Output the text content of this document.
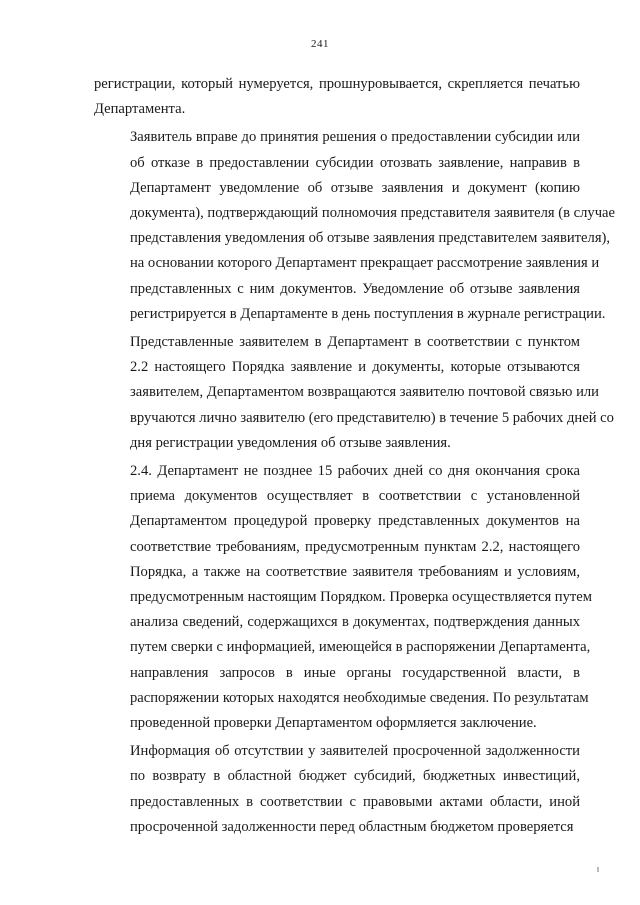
241
регистрации, который нумеруется, прошнуровывается, скрепляется печатью
Департамента.
Заявитель вправе до принятия решения о предоставлении субсидии или
об отказе в предоставлении субсидии отозвать заявление, направив в
Департамент уведомление об отзыве заявления и документ (копию
документа), подтверждающий полномочия представителя заявителя (в случае
представления уведомления об отзыве заявления представителем заявителя),
на основании которого Департамент прекращает рассмотрение заявления и
представленных с ним документов. Уведомление об отзыве заявления
регистрируется в Департаменте в день поступления в журнале регистрации.
Представленные заявителем в Департамент в соответствии с пунктом
2.2 настоящего Порядка заявление и документы, которые отзываются
заявителем, Департаментом возвращаются заявителю почтовой связью или
вручаются лично заявителю (его представителю) в течение 5 рабочих дней со
дня регистрации уведомления об отзыве заявления.
2.4. Департамент не позднее 15 рабочих дней со дня окончания срока
приема документов осуществляет в соответствии с установленной
Департаментом процедурой проверку представленных документов на
соответствие требованиям, предусмотренным пунктам 2.2, настоящего
Порядка, а также на соответствие заявителя требованиям и условиям,
предусмотренным настоящим Порядком. Проверка осуществляется путем
анализа сведений, содержащихся в документах, подтверждения данных
путем сверки с информацией, имеющейся в распоряжении Департамента,
направления запросов в иные органы государственной власти, в
распоряжении которых находятся необходимые сведения. По результатам
проведенной проверки Департаментом оформляется заключение.
Информация об отсутствии у заявителей просроченной задолженности
по возврату в областной бюджет субсидий, бюджетных инвестиций,
предоставленных в соответствии с правовыми актами области, иной
просроченной задолженности перед областным бюджетом проверяется
